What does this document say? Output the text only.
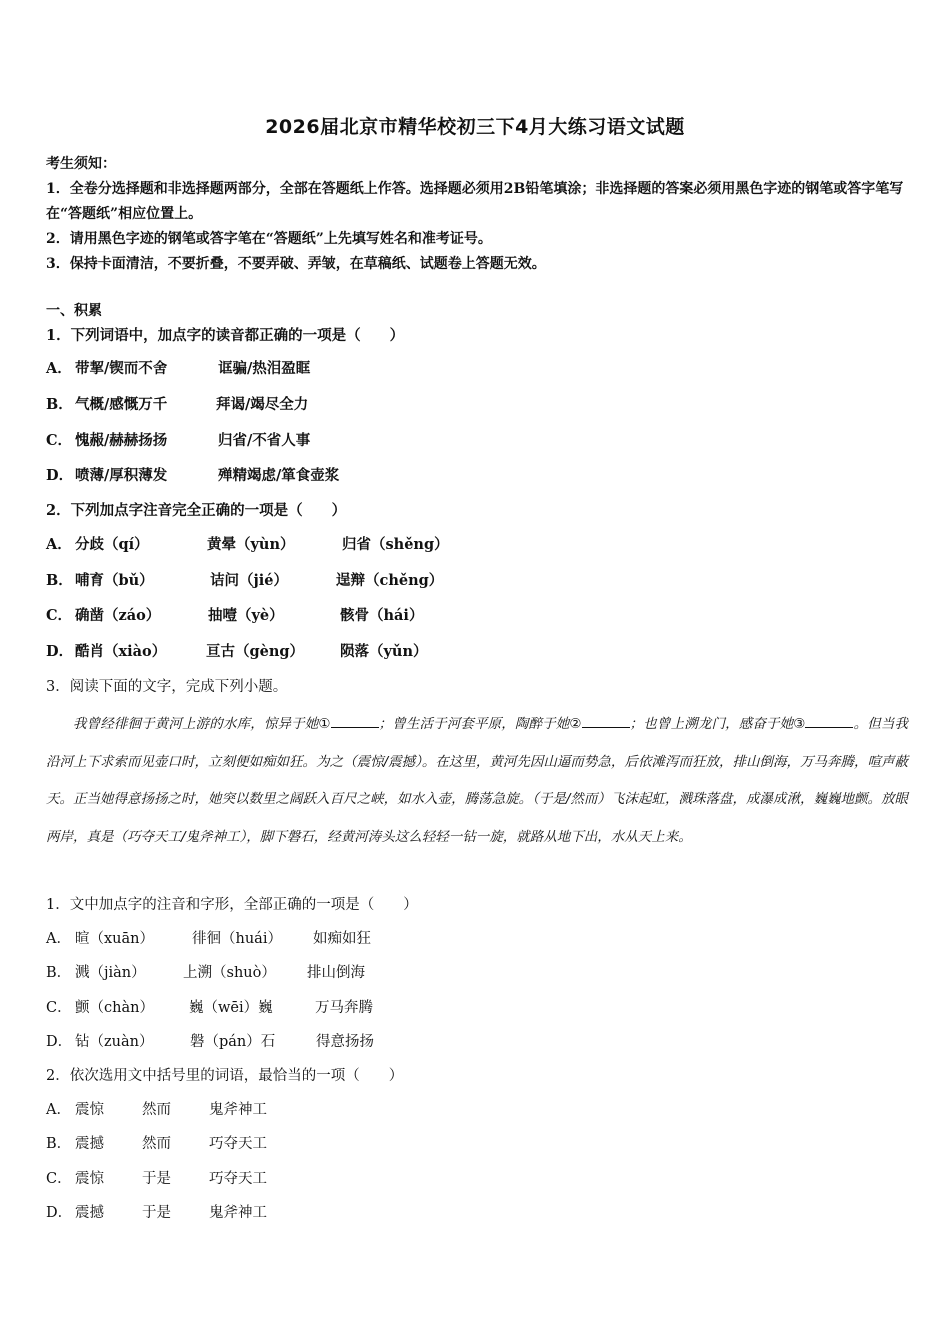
2026届北京市精华校初三下4月大练习语文试题

考生须知：

1．全卷分选择题和非选择题两部分，全部在答题纸上作答。选择题必须用2B铅笔填涂；非选择题的答案必须用黑色字迹的钢笔或答字笔写在“答题纸”相应位置上。

2．请用黑色字迹的钢笔或答字笔在“答题纸”上先填写姓名和准考证号。

3．保持卡面清洁，不要折叠，不要弄破、弄皱，在草稿纸、试题卷上答题无效。

一、积累
1．下列词语中，加点字的读音都正确的一项是（　　）
A． 带挈/锲而不舍	诓骗/热泪盈眶
B． 气概/感慨万千	拜谒/竭尽全力
C． 愧赧/赫赫扬扬	归省/不省人事
D． 喷薄/厚积薄发	殚精竭虑/箪食壶浆
2．下列加点字注音完全正确的一项是（　　）
A． 分歧（qí）	黄晕（yùn）	归省（shěng）
B． 哺育（bǔ）	诘问（jié）	逞辩（chěng）
C． 确凿（záo）	抽噎（yè）	骸骨（hái）
D． 酷肖（xiào）	亘古（gèng） 陨落（yǔn）
3．阅读下面的文字，完成下列小题。

我曾经徘徊于黄河上游的水库，惊异于她①	；曾生活于河套平原，陶醉于她②	；也曾上溯龙门，感奋于她③	。但当我沿河上下求索而见壶口时，立刻便如痴如狂。为之（震惊/震撼）。在这里，黄河先因山逼而势急，后依滩泻而狂放，排山倒海，万马奔腾，喧声蔽天。正当她得意扬扬之时，她突以数里之阔跃入百尺之峡，如水入壶，腾荡急旋。（于是/然而）飞沫起虹，溅珠落盘，成瀑成湫，巍巍地颤。放眼两岸，真是（巧夺天工/鬼斧神工），脚下磐石，经黄河涛头这么轻轻一钻一旋，就路从地下出，水从天上来。

1．文中加点字的注音和字形，全部正确的一项是（　　）
A． 暄（xuān）	徘徊（huái） 如痴如狂
B． 溅（jiàn）	上溯（shuò） 排山倒海
C． 颤（chàn） 巍（wēi）巍	万马奔腾
D． 钻（zuàn）	磐（pán）石	得意扬扬
2．依次选用文中括号里的词语，最恰当的一项（　　）
A． 震惊	然而	鬼斧神工
B． 震撼	然而	巧夺天工
C． 震惊	于是	巧夺天工
D． 震撼	于是	鬼斧神工
